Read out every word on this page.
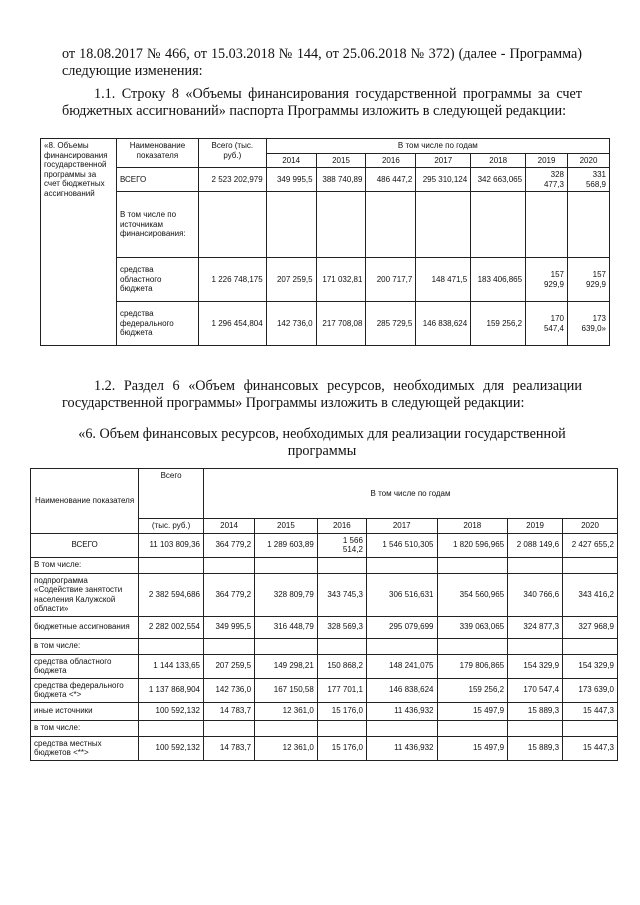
от 18.08.2017 № 466, от 15.03.2018 № 144, от 25.06.2018 № 372) (далее - Программа) следующие изменения:
1.1. Строку 8 «Объемы финансирования государственной программы за счет бюджетных ассигнований» паспорта Программы изложить в следующей редакции:
«8. Объемы финансирования государственной программы за счет бюджетных ассигнований	Наименование показателя	Всего (тыс. руб.)	В том числе по годам						
			2014	2015	2016	2017	2018	2019	2020
	ВСЕГО	2 523 202,979	349 995,5	388 740,89	486 447,2	295 310,124	342 663,065	328 477,3	331 568,9
	В том числе по источникам финансирования:								
	средства областного бюджета	1 226 748,175	207 259,5	171 032,81	200 717,7	148 471,5	183 406,865	157 929,9	157 929,9
	средства федерального бюджета	1 296 454,804	142 736,0	217 708,08	285 729,5	146 838,624	159 256,2	170 547,4	173 639,0»
1.2. Раздел 6 «Объем финансовых ресурсов, необходимых для реализации государственной программы» Программы изложить в следующей редакции:
«6. Объем финансовых ресурсов, необходимых для реализации государственной программы
Наименование показателя	Всего	В том числе по годам						
	(тыс. руб.)	2014	2015	2016	2017	2018	2019	2020
ВСЕГО	11 103 809,36	364 779,2	1 289 603,89	1 566 514,2	1 546 510,305	1 820 596,965	2 088 149,6	2 427 655,2
В том числе:								
подпрограмма «Содействие занятости населения Калужской области»	2 382 594,686	364 779,2	328 809,79	343 745,3	306 516,631	354 560,965	340 766,6	343 416,2
бюджетные ассигнования	2 282 002,554	349 995,5	316 448,79	328 569,3	295 079,699	339 063,065	324 877,3	327 968,9
в том числе:								
средства областного бюджета	1 144 133,65	207 259,5	149 298,21	150 868,2	148 241,075	179 806,865	154 329,9	154 329,9
средства федерального бюджета <*>	1 137 868,904	142 736,0	167 150,58	177 701,1	146 838,624	159 256,2	170 547,4	173 639,0
иные источники	100 592,132	14 783,7	12 361,0	15 176,0	11 436,932	15 497,9	15 889,3	15 447,3
в том числе:								
средства местных бюджетов <**>	100 592,132	14 783,7	12 361,0	15 176,0	11 436,932	15 497,9	15 889,3	15 447,3
